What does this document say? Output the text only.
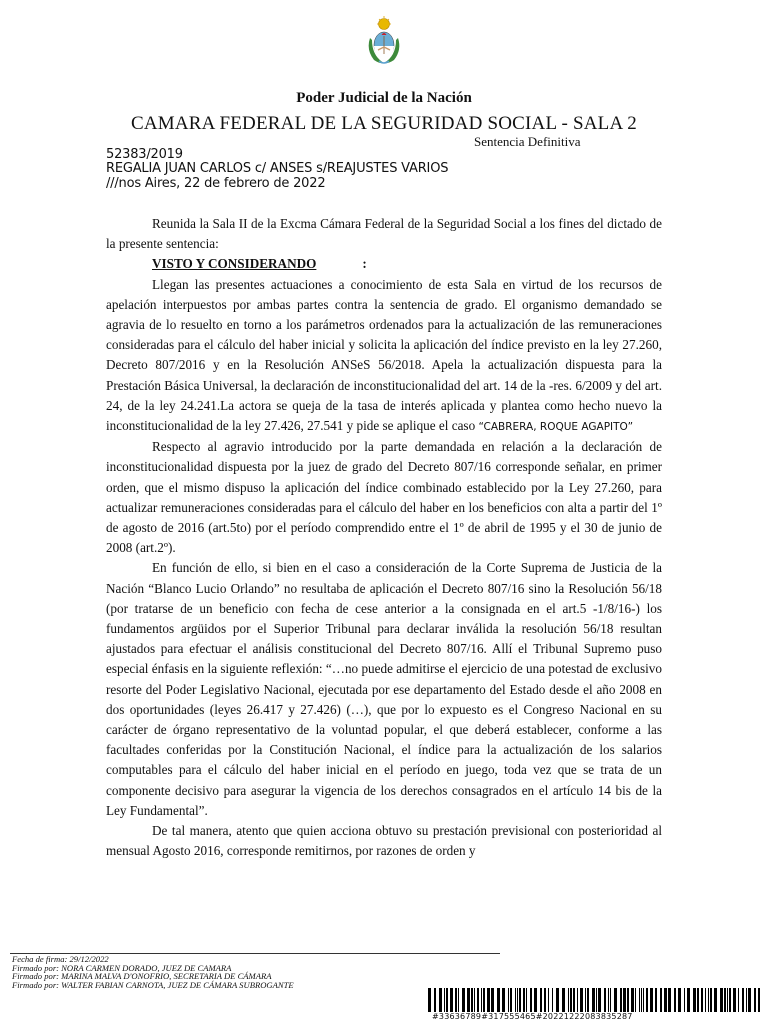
Poder Judicial de la Nación
CAMARA FEDERAL DE LA SEGURIDAD SOCIAL - SALA 2
Sentencia Definitiva
52383/2019
REGALIA JUAN CARLOS c/ ANSES s/REAJUSTES VARIOS
///nos Aires, 22 de febrero de 2022

Reunida la Sala II de la Excma Cámara Federal de la Seguridad Social a los fines del dictado de la presente sentencia:

VISTO Y CONSIDERANDO	:

Llegan las presentes actuaciones a conocimiento de esta Sala en virtud de los recursos de apelación interpuestos por ambas partes contra la sentencia de grado. El organismo demandado se agravia de lo resuelto en torno a los parámetros ordenados para la actualización de las remuneraciones consideradas para el cálculo del haber inicial y solicita la aplicación del índice previsto en la ley 27.260, Decreto 807/2016 y en la Resolución ANSeS 56/2018. Apela la actualización dispuesta para la Prestación Básica Universal, la declaración de inconstitucionalidad del art. 14 de la -res. 6/2009 y del art. 24, de la ley 24.241.La actora se queja de la tasa de interés aplicada y plantea como hecho nuevo la inconstitucionalidad de la ley 27.426, 27.541 y pide se aplique el caso “CABRERA, ROQUE AGAPITO”

Respecto al agravio introducido por la parte demandada en relación a la declaración de inconstitucionalidad dispuesta por la juez de grado del Decreto 807/16 corresponde señalar, en primer orden, que el mismo dispuso la aplicación del índice combinado establecido por la Ley 27.260, para actualizar remuneraciones consideradas para el cálculo del haber en los beneficios con alta a partir del 1º de agosto de 2016 (art.5to) por el período comprendido entre el 1º de abril de 1995 y el 30 de junio de 2008 (art.2º).

En función de ello, si bien en el caso a consideración de la Corte Suprema de Justicia de la Nación “Blanco Lucio Orlando” no resultaba de aplicación el Decreto 807/16 sino la Resolución 56/18 (por tratarse de un beneficio con fecha de cese anterior a la consignada en el art.5 -1/8/16-) los fundamentos argüidos por el Superior Tribunal para declarar inválida la resolución 56/18 resultan ajustados para efectuar el análisis constitucional del Decreto 807/16. Allí el Tribunal Supremo puso especial énfasis en la siguiente reflexión: “…no puede admitirse el ejercicio de una potestad de exclusivo resorte del Poder Legislativo Nacional, ejecutada por ese departamento del Estado desde el año 2008 en dos oportunidades (leyes 26.417 y 27.426) (…), que por lo expuesto es el Congreso Nacional en su carácter de órgano representativo de la voluntad popular, el que deberá establecer, conforme a las facultades conferidas por la Constitución Nacional, el índice para la actualización de los salarios computables para el cálculo del haber inicial en el período en juego, toda vez que se trata de un componente decisivo para asegurar la vigencia de los derechos consagrados en el artículo 14 bis de la Ley Fundamental”.

De tal manera, atento que quien acciona obtuvo su prestación previsional con posterioridad al mensual Agosto 2016, corresponde remitirnos, por razones de orden y

Fecha de firma: 29/12/2022
Firmado por: NORA CARMEN DORADO, JUEZ DE CAMARA
Firmado por: MARINA MALVA D'ONOFRIO, SECRETARIA DE CÁMARA
Firmado por: WALTER FABIAN CARNOTA, JUEZ DE CÁMARA SUBROGANTE
#33636789#317555465#20221222083835287
